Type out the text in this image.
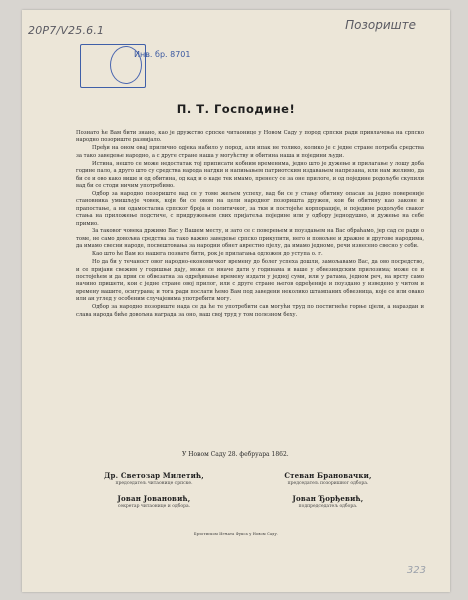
20P7/V25.6.1	Позориште
Инв. бр. 8701
П. Т. Господине!

Познато ће Вам бити знано, као је дружство српске читаонице у Новом Саду у пород српски ради привлачења на српско народно позориште развијало.

Пређи на оном овај прилично одјека набило у пород, али ипак не толико, колико је с једне стране потреба средства за тако заведење народно, а с друге стране наша у могућству и обитина наша и поједини људи.

Истина, нешто се може недостатак тој приписати кобним временима, једно што је дужење и прилагање у лошу доба године пало, а друго што су средства народа нагдки и напињањем патриотским издавањем напрезана, или нам желимо, да би се и ово како више и од обитина, од кад и о каде тек имамо, пренесу се за оне прилоге, и од поједине родољубе скупили вад би се стоди ничим употребимо.

Одбор за народно позориште вад се у томе жељем успеху, вад би се у стању обитину опасан за једно повереније становника умишљује човек, који би се овом на цели народног позоришта дружен, кои би обитину као законе и прапостање, а ни одамостална српског броја и политичког, за ткм и постојеће корпорације, и поједине родољубе сваког стања на приложење подстиче, с придружењем свих пријатеља поједине или у одбору једнодушно, и дужење на себе примио.

За таковог човека држимо Вас у Вашем месту, и зато се с поверењем и поуздањем на Вас обраћамо, јер сад се ради о томе, не само довољна средства за тако важно заведење српско прикупити, него и повољне и дражне и другове народима, да имамо свесни народе, посвештовања за народни обнет аврестно пјелу, да имамо једноме, речи изнесено свесно у себи.

Као што ће Вам из нашега позвате бити, рок је прилагања одложен до уступа о. г.

Но да би у течаност овог народно-економичког времену до болег успеха дошли, замољавамо Вас, да ово посредство, и се пријави свежим у годишњи дају, може се иначе дати у годинама и ваше у обвезиндским прилозима; може се и постојећем и да први се обвезатна за одређивање времену издати у једној суми, или у ратама, једном реч, на врсту само начино пришети, кои с једне стране овој прилог, или с друге стране његов одређеније и поуздано у изведено у читом и времену вашите, осигурава; и тога ради послати ћемо Вам под заведени неколико штампаних обвезница, које се или овако или ан углед у особеним случајевима употребити могу.

Одбор за народно позориште нада се да ће те употребити сав могући труд по постигнеће горње цјели, а нараздан и слава народа биће довољна награда за оно, ваш свој труд у том полезном беху.

У Новом Саду 28. фебруара 1862.
Др. Светозар Милетић,
председатељ читаонице српске.
Стеван Брановачки,
председатељ позоришног одбора.
Јован Јовановић,
секретар читаонице и одбора.
Јован Ђорђевић,
подпредседатељ одбора.
Брзотиском Игњата Фукса у Новом Саду.
323
